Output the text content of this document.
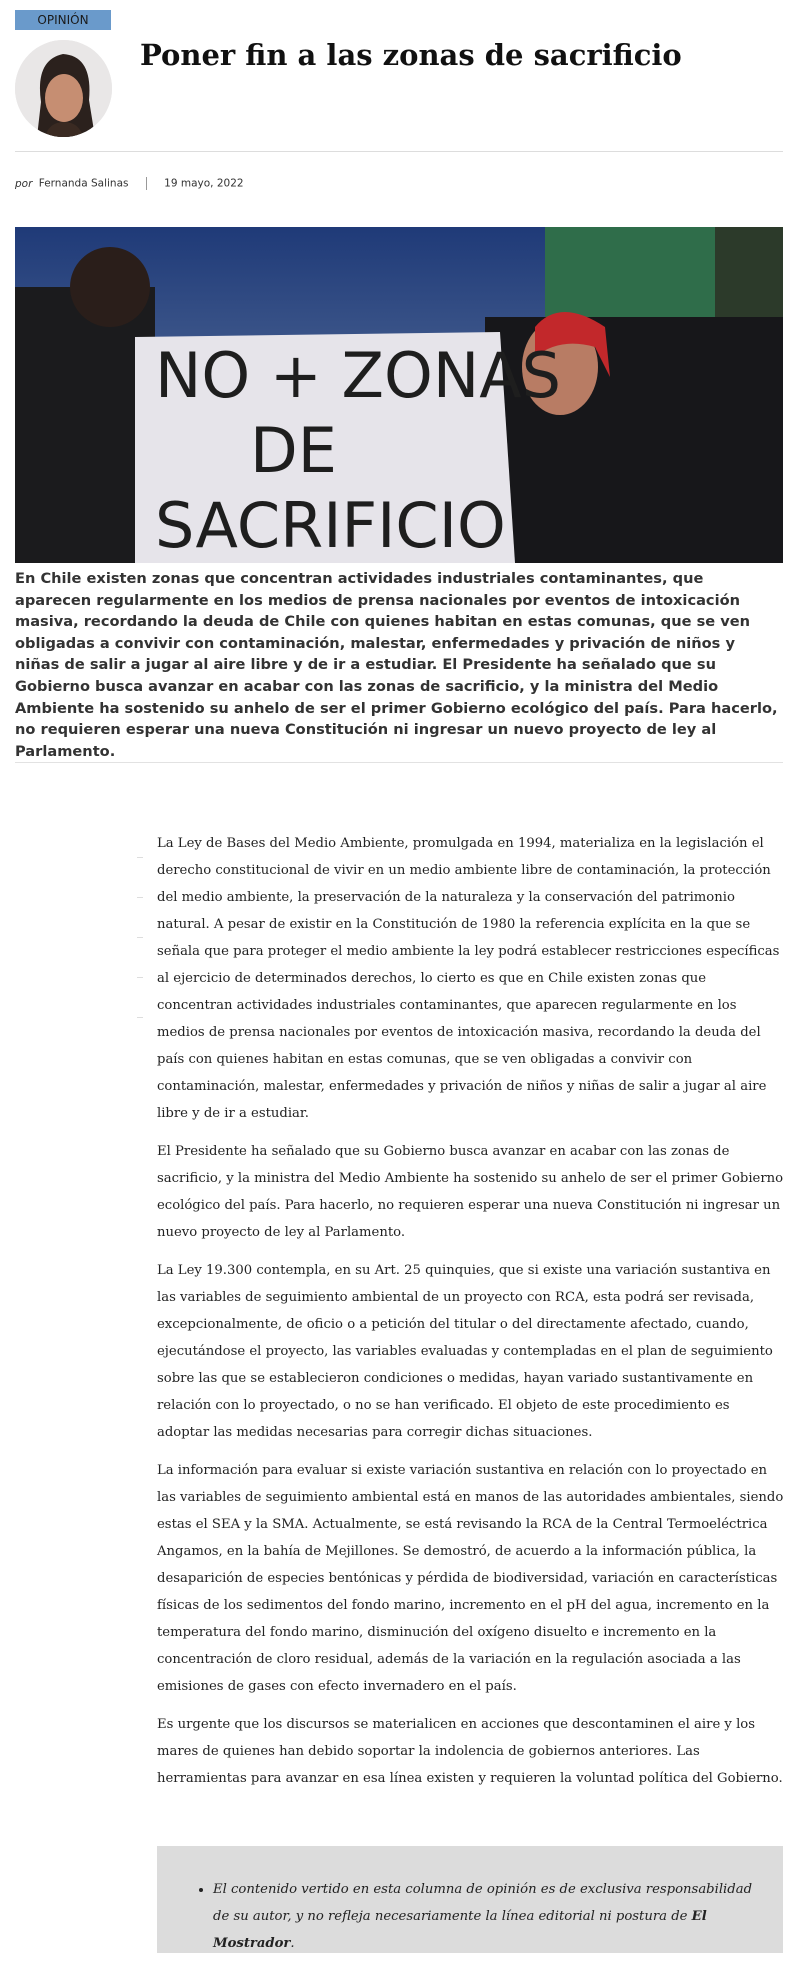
OPINIÓN
Poner fin a las zonas de sacrificio
por Fernanda Salinas	19 mayo, 2022
NO + ZONAS
DE
SACRIFICIO

En Chile existen zonas que concentran actividades industriales contaminantes, que aparecen regularmente en los medios de prensa nacionales por eventos de intoxicación masiva, recordando la deuda de Chile con quienes habitan en estas comunas, que se ven obligadas a convivir con contaminación, malestar, enfermedades y privación de niños y niñas de salir a jugar al aire libre y de ir a estudiar. El Presidente ha señalado que su Gobierno busca avanzar en acabar con las zonas de sacrificio, y la ministra del Medio Ambiente ha sostenido su anhelo de ser el primer Gobierno ecológico del país. Para hacerlo, no requieren esperar una nueva Constitución ni ingresar un nuevo proyecto de ley al Parlamento.

La Ley de Bases del Medio Ambiente, promulgada en 1994, materializa en la legislación el derecho constitucional de vivir en un medio ambiente libre de contaminación, la protección del medio ambiente, la preservación de la naturaleza y la conservación del patrimonio natural. A pesar de existir en la Constitución de 1980 la referencia explícita en la que se señala que para proteger el medio ambiente la ley podrá establecer restricciones específicas al ejercicio de determinados derechos, lo cierto es que en Chile existen zonas que concentran actividades industriales contaminantes, que aparecen regularmente en los medios de prensa nacionales por eventos de intoxicación masiva, recordando la deuda del país con quienes habitan en estas comunas, que se ven obligadas a convivir con contaminación, malestar, enfermedades y privación de niños y niñas de salir a jugar al aire libre y de ir a estudiar.

El Presidente ha señalado que su Gobierno busca avanzar en acabar con las zonas de sacrificio, y la ministra del Medio Ambiente ha sostenido su anhelo de ser el primer Gobierno ecológico del país. Para hacerlo, no requieren esperar una nueva Constitución ni ingresar un nuevo proyecto de ley al Parlamento.

La Ley 19.300 contempla, en su Art. 25 quinquies, que si existe una variación sustantiva en las variables de seguimiento ambiental de un proyecto con RCA, esta podrá ser revisada, excepcionalmente, de oficio o a petición del titular o del directamente afectado, cuando, ejecutándose el proyecto, las variables evaluadas y contempladas en el plan de seguimiento sobre las que se establecieron condiciones o medidas, hayan variado sustantivamente en relación con lo proyectado, o no se han verificado. El objeto de este procedimiento es adoptar las medidas necesarias para corregir dichas situaciones.

La información para evaluar si existe variación sustantiva en relación con lo proyectado en las variables de seguimiento ambiental está en manos de las autoridades ambientales, siendo estas el SEA y la SMA. Actualmente, se está revisando la RCA de la Central Termoeléctrica Angamos, en la bahía de Mejillones. Se demostró, de acuerdo a la información pública, la desaparición de especies bentónicas y pérdida de biodiversidad, variación en características físicas de los sedimentos del fondo marino, incremento en el pH del agua, incremento en la temperatura del fondo marino, disminución del oxígeno disuelto e incremento en la concentración de cloro residual, además de la variación en la regulación asociada a las emisiones de gases con efecto invernadero en el país.

Es urgente que los discursos se materialicen en acciones que descontaminen el aire y los mares de quienes han debido soportar la indolencia de gobiernos anteriores. Las herramientas para avanzar en esa línea existen y requieren la voluntad política del Gobierno.

• El contenido vertido en esta columna de opinión es de exclusiva responsabilidad de su autor, y no refleja necesariamente la línea editorial ni postura de El Mostrador.
